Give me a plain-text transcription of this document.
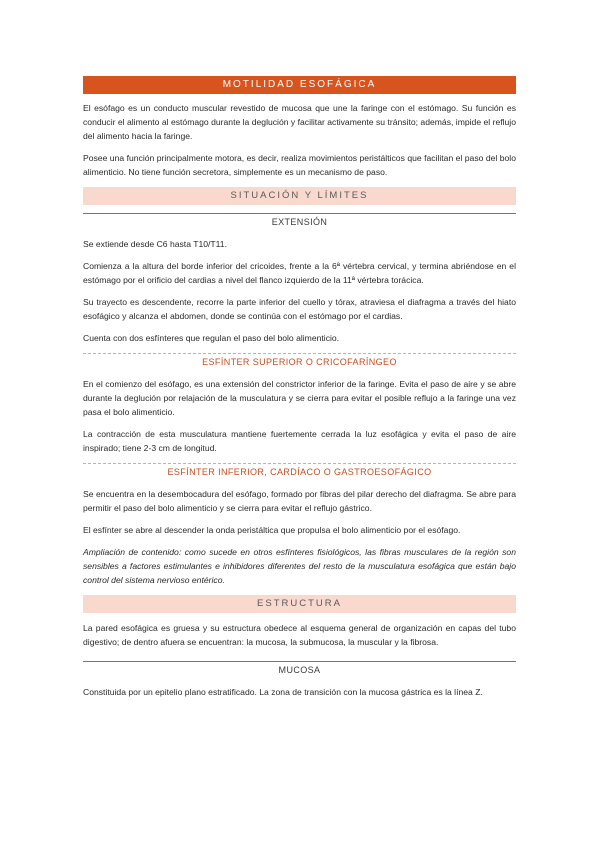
MOTILIDAD ESOFÁGICA

El esófago es un conducto muscular revestido de mucosa que une la faringe con el estómago. Su función es conducir el alimento al estómago durante la deglución y facilitar activamente su tránsito; además, impide el reflujo del alimento hacia la faringe.

Posee una función principalmente motora, es decir, realiza movimientos peristálticos que facilitan el paso del bolo alimenticio. No tiene función secretora, simplemente es un mecanismo de paso.

SITUACIÓN Y LÍMITES
EXTENSIÓN

Se extiende desde C6 hasta T10/T11.

Comienza a la altura del borde inferior del cricoides, frente a la 6ª vértebra cervical, y termina abriéndose en el estómago por el orificio del cardias a nivel del flanco izquierdo de la 11ª vértebra torácica.

Su trayecto es descendente, recorre la parte inferior del cuello y tórax, atraviesa el diafragma a través del hiato esofágico y alcanza el abdomen, donde se continúa con el estómago por el cardias.

Cuenta con dos esfínteres que regulan el paso del bolo alimenticio.

ESFÍNTER SUPERIOR O CRICOFARÍNGEO

En el comienzo del esófago, es una extensión del constrictor inferior de la faringe. Evita el paso de aire y se abre durante la deglución por relajación de la musculatura y se cierra para evitar el posible reflujo a la faringe una vez pasa el bolo alimenticio.

La contracción de esta musculatura mantiene fuertemente cerrada la luz esofágica y evita el paso de aire inspirado; tiene 2-3 cm de longitud.

ESFÍNTER INFERIOR, CARDÍACO O GASTROESOFÁGICO

Se encuentra en la desembocadura del esófago, formado por fibras del pilar derecho del diafragma. Se abre para permitir el paso del bolo alimenticio y se cierra para evitar el reflujo gástrico.

El esfínter se abre al descender la onda peristáltica que propulsa el bolo alimenticio por el esófago.

Ampliación de contenido: como sucede en otros esfínteres fisiológicos, las fibras musculares de la región son sensibles a factores estimulantes e inhibidores diferentes del resto de la musculatura esofágica que están bajo control del sistema nervioso entérico.

ESTRUCTURA

La pared esofágica es gruesa y su estructura obedece al esquema general de organización en capas del tubo digestivo; de dentro afuera se encuentran: la mucosa, la submucosa, la muscular y la fibrosa.

MUCOSA

Constituida por un epitelio plano estratificado. La zona de transición con la mucosa gástrica es la línea Z.
